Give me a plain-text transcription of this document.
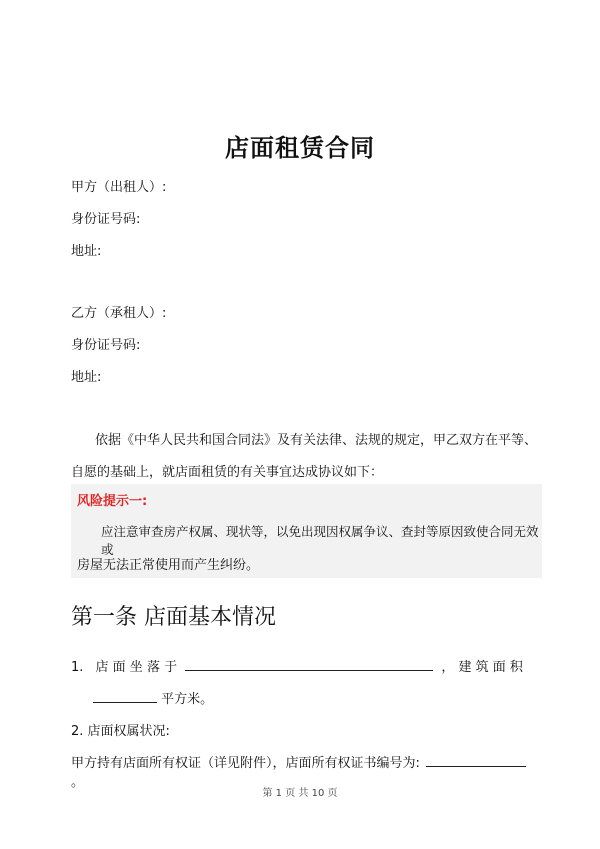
店面租赁合同
甲方（出租人）:
身份证号码:
地址:
乙方（承租人）:
身份证号码:
地址:
依据《中华人民共和国合同法》及有关法律、法规的规定，甲乙双方在平等、
自愿的基础上，就店面租赁的有关事宜达成协议如下：
风险提示一:
应注意审查房产权属、现状等，以免出现因权属争议、查封等原因致使合同无效或
房屋无法正常使用而产生纠纷。
第一条 店面基本情况
1. 店 面 坐 落 于	， 建 筑 面 积
平方米。
2. 店面权属状况:
甲方持有店面所有权证（详见附件），店面所有权证书编号为:  。
第 1 页 共 10 页
